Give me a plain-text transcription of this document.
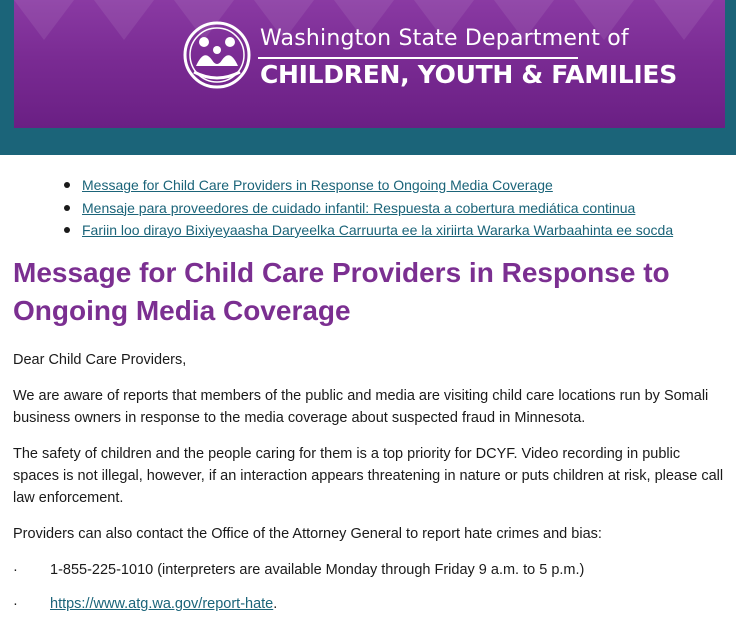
Washington State Department of
CHILDREN, YOUTH & FAMILIES
Message for Child Care Providers in Response to Ongoing Media Coverage
Mensaje para proveedores de cuidado infantil: Respuesta a cobertura mediática continua
Fariin loo dirayo Bixiyeyaasha Daryeelka Carruurta ee la xiriirta Wararka Warbaahinta ee socda
Message for Child Care Providers in Response to Ongoing Media Coverage

Dear Child Care Providers,

We are aware of reports that members of the public and media are visiting child care locations run by Somali business owners in response to the media coverage about suspected fraud in Minnesota.

The safety of children and the people caring for them is a top priority for DCYF. Video recording in public spaces is not illegal, however, if an interaction appears threatening in nature or puts children at risk, please call law enforcement.

Providers can also contact the Office of the Attorney General to report hate crimes and bias:

· 1-855-225-1010 (interpreters are available Monday through Friday 9 a.m. to 5 p.m.)
· https://www.atg.wa.gov/report-hate.
